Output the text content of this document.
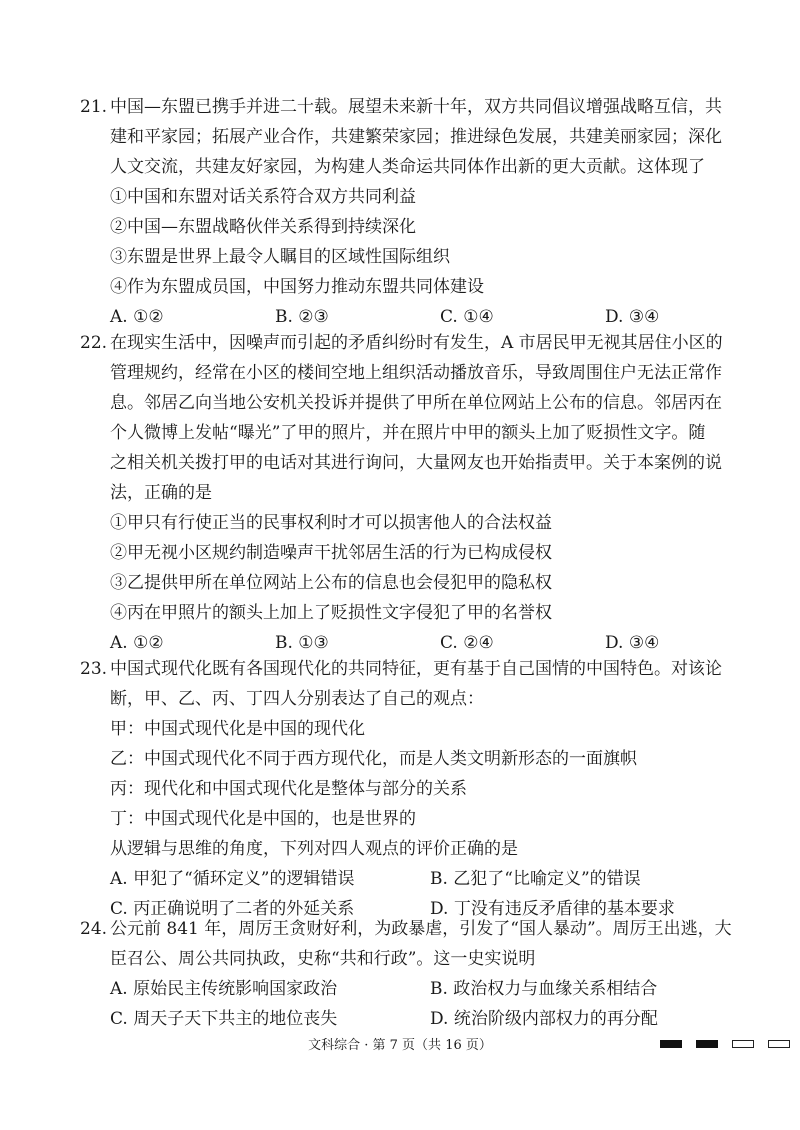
21. 中国—东盟已携手并进二十载。展望未来新十年，双方共同倡议增强战略互信，共
建和平家园；拓展产业合作，共建繁荣家园；推进绿色发展，共建美丽家园；深化
人文交流，共建友好家园，为构建人类命运共同体作出新的更大贡献。这体现了
①中国和东盟对话关系符合双方共同利益
②中国—东盟战略伙伴关系得到持续深化
③东盟是世界上最令人瞩目的区域性国际组织
④作为东盟成员国，中国努力推动东盟共同体建设
A. ①②	B. ②③	C. ①④	D. ③④
22. 在现实生活中，因噪声而引起的矛盾纠纷时有发生，A 市居民甲无视其居住小区的
管理规约，经常在小区的楼间空地上组织活动播放音乐，导致周围住户无法正常作
息。邻居乙向当地公安机关投诉并提供了甲所在单位网站上公布的信息。邻居丙在
个人微博上发帖“曝光”了甲的照片，并在照片中甲的额头上加了贬损性文字。随
之相关机关拨打甲的电话对其进行询问，大量网友也开始指责甲。关于本案例的说
法，正确的是
①甲只有行使正当的民事权利时才可以损害他人的合法权益
②甲无视小区规约制造噪声干扰邻居生活的行为已构成侵权
③乙提供甲所在单位网站上公布的信息也会侵犯甲的隐私权
④丙在甲照片的额头上加上了贬损性文字侵犯了甲的名誉权
A. ①②	B. ①③	C. ②④	D. ③④
23. 中国式现代化既有各国现代化的共同特征，更有基于自己国情的中国特色。对该论
断，甲、乙、丙、丁四人分别表达了自己的观点：
甲：中国式现代化是中国的现代化
乙：中国式现代化不同于西方现代化，而是人类文明新形态的一面旗帜
丙：现代化和中国式现代化是整体与部分的关系
丁：中国式现代化是中国的，也是世界的
从逻辑与思维的角度，下列对四人观点的评价正确的是
A. 甲犯了“循环定义”的逻辑错误	B. 乙犯了“比喻定义”的错误
C. 丙正确说明了二者的外延关系	D. 丁没有违反矛盾律的基本要求
24. 公元前 841 年，周厉王贪财好利，为政暴虐，引发了“国人暴动”。周厉王出逃，大
臣召公、周公共同执政，史称“共和行政”。这一史实说明
A. 原始民主传统影响国家政治	B. 政治权力与血缘关系相结合
C. 周天子天下共主的地位丧失	D. 统治阶级内部权力的再分配
文科综合 · 第 7 页（共 16 页）
